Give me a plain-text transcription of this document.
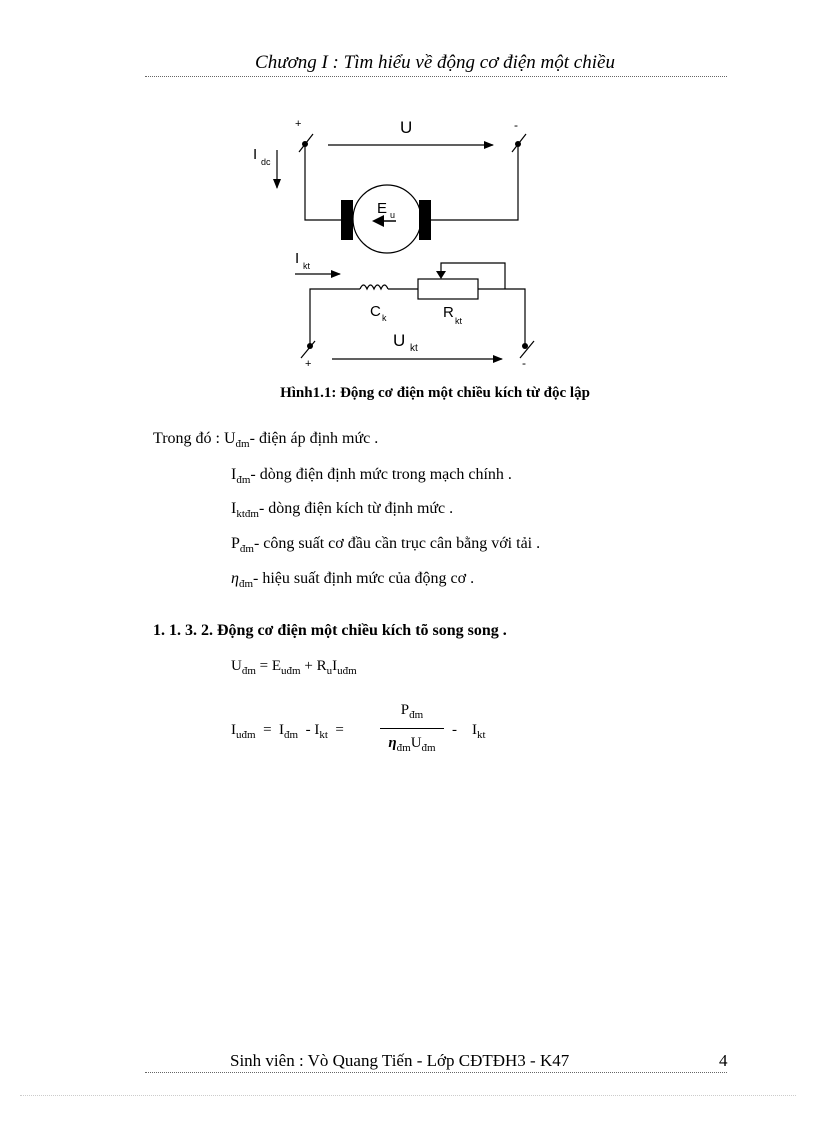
Chương I : Tìm hiểu về động cơ điện một chiều
+	-
U
I dc
E u
I kt
C k	R kt
U kt
+	-
Hình1.1: Động cơ điện một chiều kích từ độc lập
Trong đó : $U_{đm}-$ điện áp định mức .
$I_{đm}-$ dòng điện định mức trong mạch chính .
$I_{ktđm}-$ dòng điện kích từ định mức .
$P_{đm}-$ công suất cơ đầu cần trục cân bằng với tải .
$\eta_{đm}-$ hiệu suất định mức của động cơ .
1. 1. 3. 2. Động cơ điện một chiều kích tõ song song .
$U_{đm} = E_{uđm} + R_uI_{uđm}$
$I_{uđm} = I_{đm} - I_{kt}$ =
$P_{đm}$
$\eta_{đm}U_{đm}$
- $I_{kt}$
Sinh viên : Vò Quang Tiến - Lớp CĐTĐH3 - K47	4
